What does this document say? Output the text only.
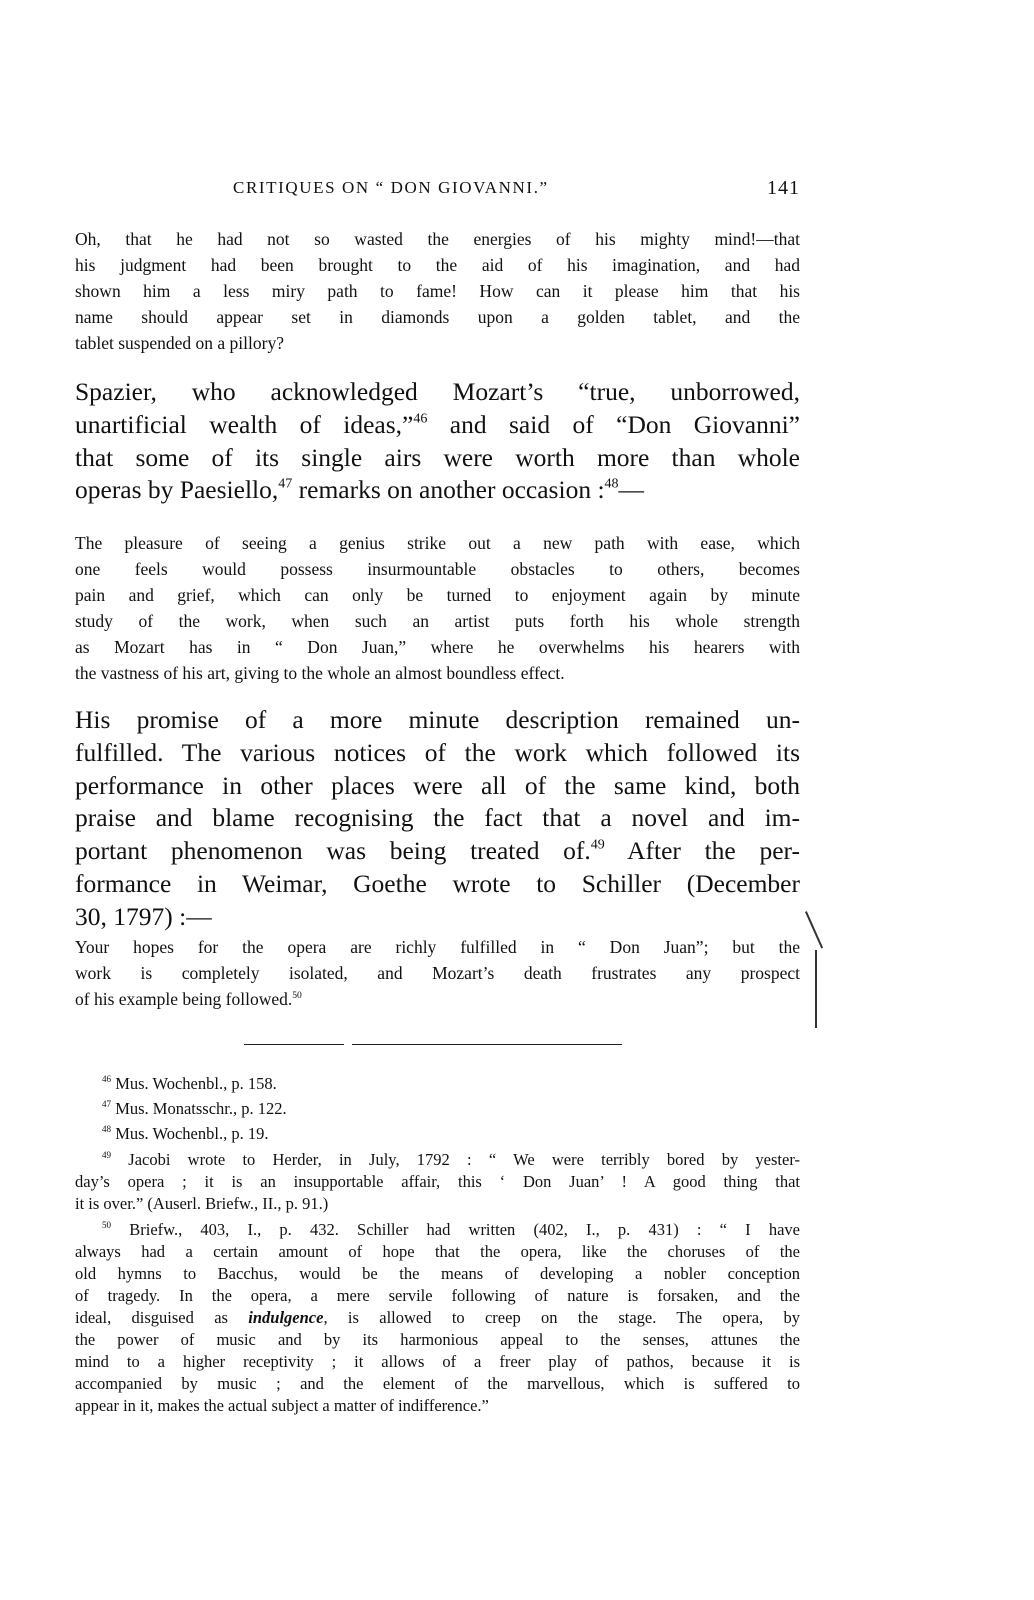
CRITIQUES ON “ DON GIOVANNI.”	141
Oh, that he had not so wasted the energies of his mighty mind!—that
his judgment had been brought to the aid of his imagination, and had
shown him a less miry path to fame! How can it please him that his
name should appear set in diamonds upon a golden tablet, and the
tablet suspended on a pillory?
Spazier, who acknowledged Mozart’s “true, unborrowed,
unartificial wealth of ideas,”$^{46}$ and said of “Don Giovanni”
that some of its single airs were worth more than whole
operas by Paesiello,$^{47}$ remarks on another occasion :$^{48}$—
The pleasure of seeing a genius strike out a new path with ease, which
one feels would possess insurmountable obstacles to others, becomes
pain and grief, which can only be turned to enjoyment again by minute
study of the work, when such an artist puts forth his whole strength
as Mozart has in “ Don Juan,” where he overwhelms his hearers with
the vastness of his art, giving to the whole an almost boundless effect.
His promise of a more minute description remained un-
fulfilled. The various notices of the work which followed its
performance in other places were all of the same kind, both
praise and blame recognising the fact that a novel and im-
portant phenomenon was being treated of.$^{49}$ After the per-
formance in Weimar, Goethe wrote to Schiller (December
30, 1797) :—
Your hopes for the opera are richly fulfilled in “ Don Juan”; but the
work is completely isolated, and Mozart’s death frustrates any prospect
of his example being followed.$^{50}$

$^{46}$ Mus. Wochenbl., p. 158.

$^{47}$ Mus. Monatsschr., p. 122.

$^{48}$ Mus. Wochenbl., p. 19.

$^{49}$ Jacobi wrote to Herder, in July, 1792 : “ We were terribly bored by yester-
day’s opera ; it is an insupportable affair, this ‘ Don Juan’ ! A good thing that
it is over.” (Auserl. Briefw., II., p. 91.)
$^{50}$ Briefw., 403, I., p. 432. Schiller had written (402, I., p. 431) : “ I have
always had a certain amount of hope that the opera, like the choruses of the
old hymns to Bacchus, would be the means of developing a nobler conception
of tragedy. In the opera, a mere servile following of nature is forsaken, and the
ideal, disguised as indulgence, is allowed to creep on the stage. The opera, by
the power of music and by its harmonious appeal to the senses, attunes the
mind to a higher receptivity ; it allows of a freer play of pathos, because it is
accompanied by music ; and the element of the marvellous, which is suffered to
appear in it, makes the actual subject a matter of indifference.”
